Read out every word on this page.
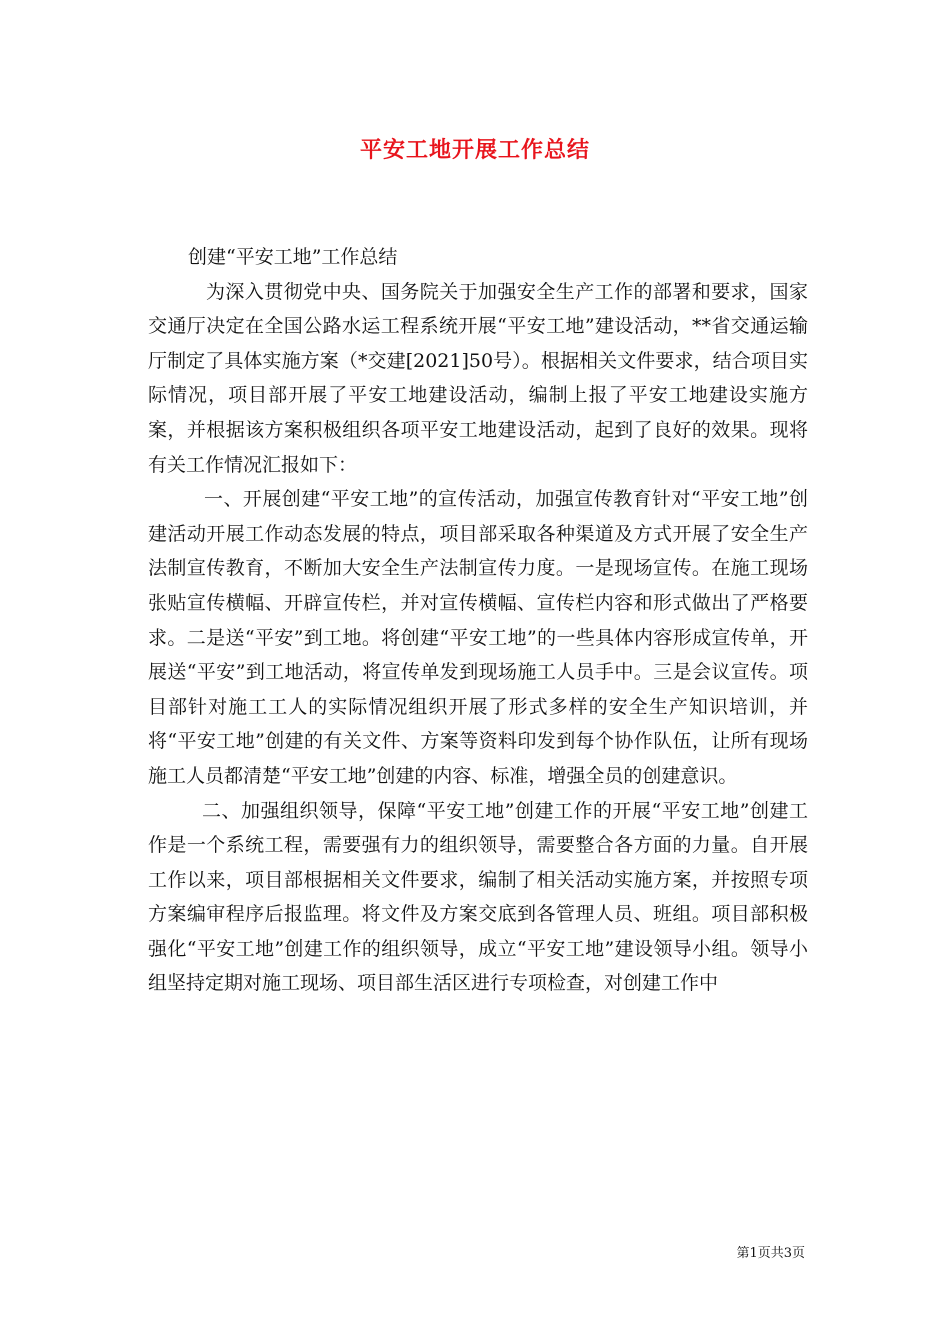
平安工地开展工作总结

创建“平安工地”工作总结

为深入贯彻党中央、国务院关于加强安全生产工作的部署和要求，国家交通厅决定在全国公路水运工程系统开展“平安工地”建设活动，**省交通运输厅制定了具体实施方案（*交建[2021]50号）。根据相关文件要求，结合项目实际情况，项目部开展了平安工地建设活动，编制上报了平安工地建设实施方案，并根据该方案积极组织各项平安工地建设活动，起到了良好的效果。现将有关工作情况汇报如下：

一、开展创建“平安工地”的宣传活动，加强宣传教育针对“平安工地”创建活动开展工作动态发展的特点，项目部采取各种渠道及方式开展了安全生产法制宣传教育，不断加大安全生产法制宣传力度。一是现场宣传。在施工现场张贴宣传横幅、开辟宣传栏，并对宣传横幅、宣传栏内容和形式做出了严格要求。二是送“平安”到工地。将创建“平安工地”的一些具体内容形成宣传单，开展送“平安”到工地活动，将宣传单发到现场施工人员手中。三是会议宣传。项目部针对施工工人的实际情况组织开展了形式多样的安全生产知识培训，并将“平安工地”创建的有关文件、方案等资料印发到每个协作队伍，让所有现场施工人员都清楚“平安工地”创建的内容、标准，增强全员的创建意识。

二、加强组织领导，保障“平安工地”创建工作的开展“平安工地”创建工作是一个系统工程，需要强有力的组织领导，需要整合各方面的力量。自开展工作以来，项目部根据相关文件要求，编制了相关活动实施方案，并按照专项方案编审程序后报监理。将文件及方案交底到各管理人员、班组。项目部积极强化“平安工地”创建工作的组织领导，成立“平安工地”建设领导小组。领导小组坚持定期对施工现场、项目部生活区进行专项检查，对创建工作中

第1页共3页
